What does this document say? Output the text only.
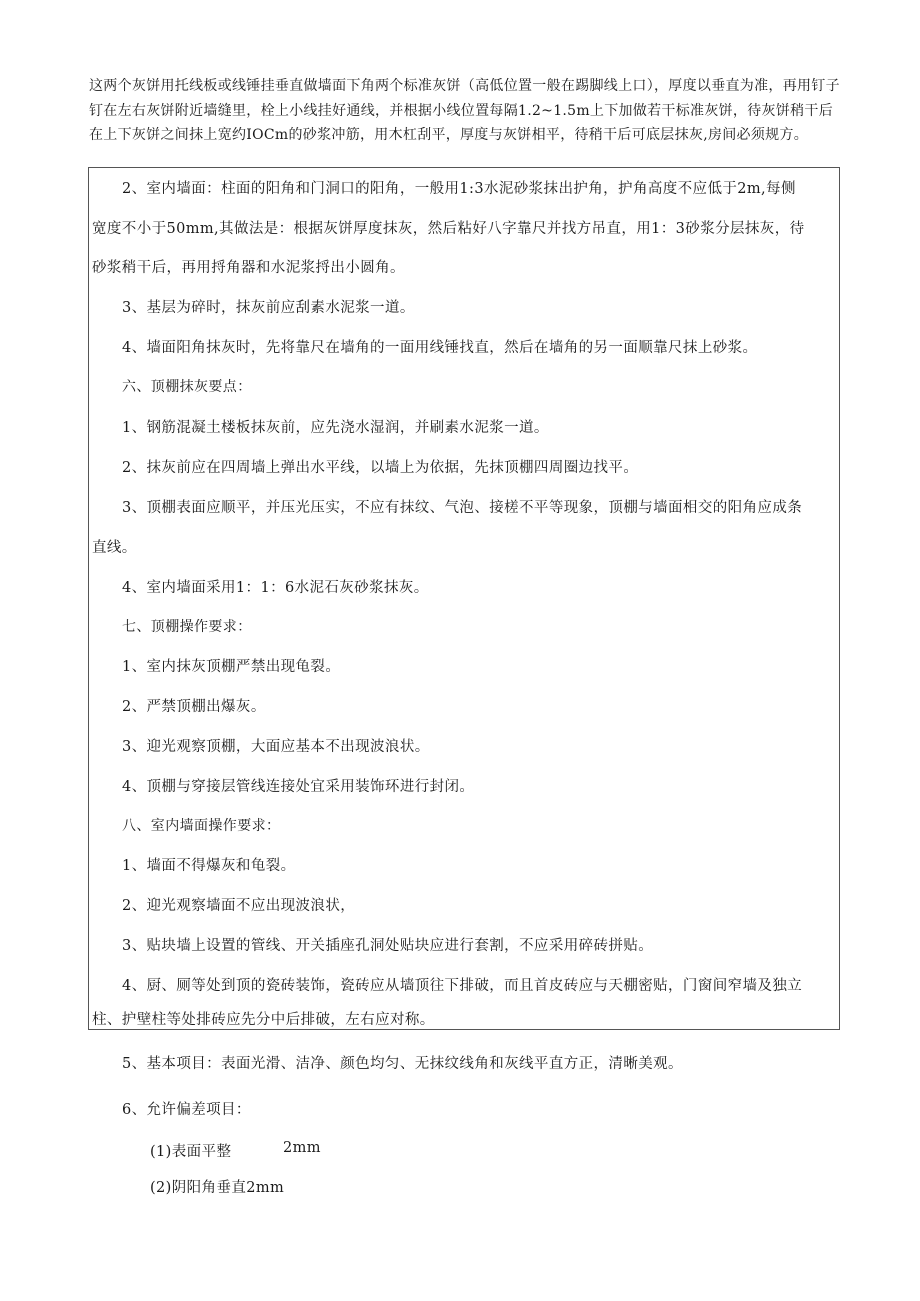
这两个灰饼用托线板或线锤挂垂直做墙面下角两个标准灰饼（高低位置一般在踢脚线上口），厚度以垂直为准，再用钉子钉在左右灰饼附近墙缝里，栓上小线挂好通线，并根据小线位置每隔1.2~1.5m上下加做若干标准灰饼，待灰饼稍干后在上下灰饼之间抹上宽约IOCm的砂浆冲筋，用木杠刮平，厚度与灰饼相平，待稍干后可底层抹灰,房间必须规方。
2、室内墙面：柱面的阳角和门洞口的阳角，一般用1:3水泥砂浆抹出护角，护角高度不应低于2m,每侧
宽度不小于50mm,其做法是：根据灰饼厚度抹灰，然后粘好八字靠尺并找方吊直，用1：3砂浆分层抹灰，待
砂浆稍干后，再用捋角器和水泥浆捋出小圆角。
3、基层为碎时，抹灰前应刮素水泥浆一道。
4、墙面阳角抹灰时，先将靠尺在墙角的一面用线锤找直，然后在墙角的另一面顺靠尺抹上砂浆。
六、顶棚抹灰要点：
1、钢筋混凝土楼板抹灰前，应先浇水湿润，并刷素水泥浆一道。
2、抹灰前应在四周墙上弹出水平线，以墙上为依据，先抹顶棚四周圈边找平。
3、顶棚表面应顺平，并压光压实，不应有抹纹、气泡、接槎不平等现象，顶棚与墙面相交的阳角应成条
直线。
4、室内墙面采用1：1：6水泥石灰砂浆抹灰。
七、顶棚操作要求：
1、室内抹灰顶棚严禁出现龟裂。
2、严禁顶棚出爆灰。
3、迎光观察顶棚，大面应基本不出现波浪状。
4、顶棚与穿接层管线连接处宜采用装饰环进行封闭。
八、室内墙面操作要求：
1、墙面不得爆灰和龟裂。
2、迎光观察墙面不应出现波浪状，
3、贴块墙上设置的管线、开关插座孔洞处贴块应进行套割，不应采用碎砖拼贴。
4、厨、厕等处到顶的瓷砖装饰，瓷砖应从墙顶往下排破，而且首皮砖应与天棚密贴，门窗间窄墙及独立
柱、护壁柱等处排砖应先分中后排破，左右应对称。
5、基本项目：表面光滑、洁净、颜色均匀、无抹纹线角和灰线平直方正，清晰美观。
6、允许偏差项目：
(1)表面平整	2mm
(2)阴阳角垂直2mm
